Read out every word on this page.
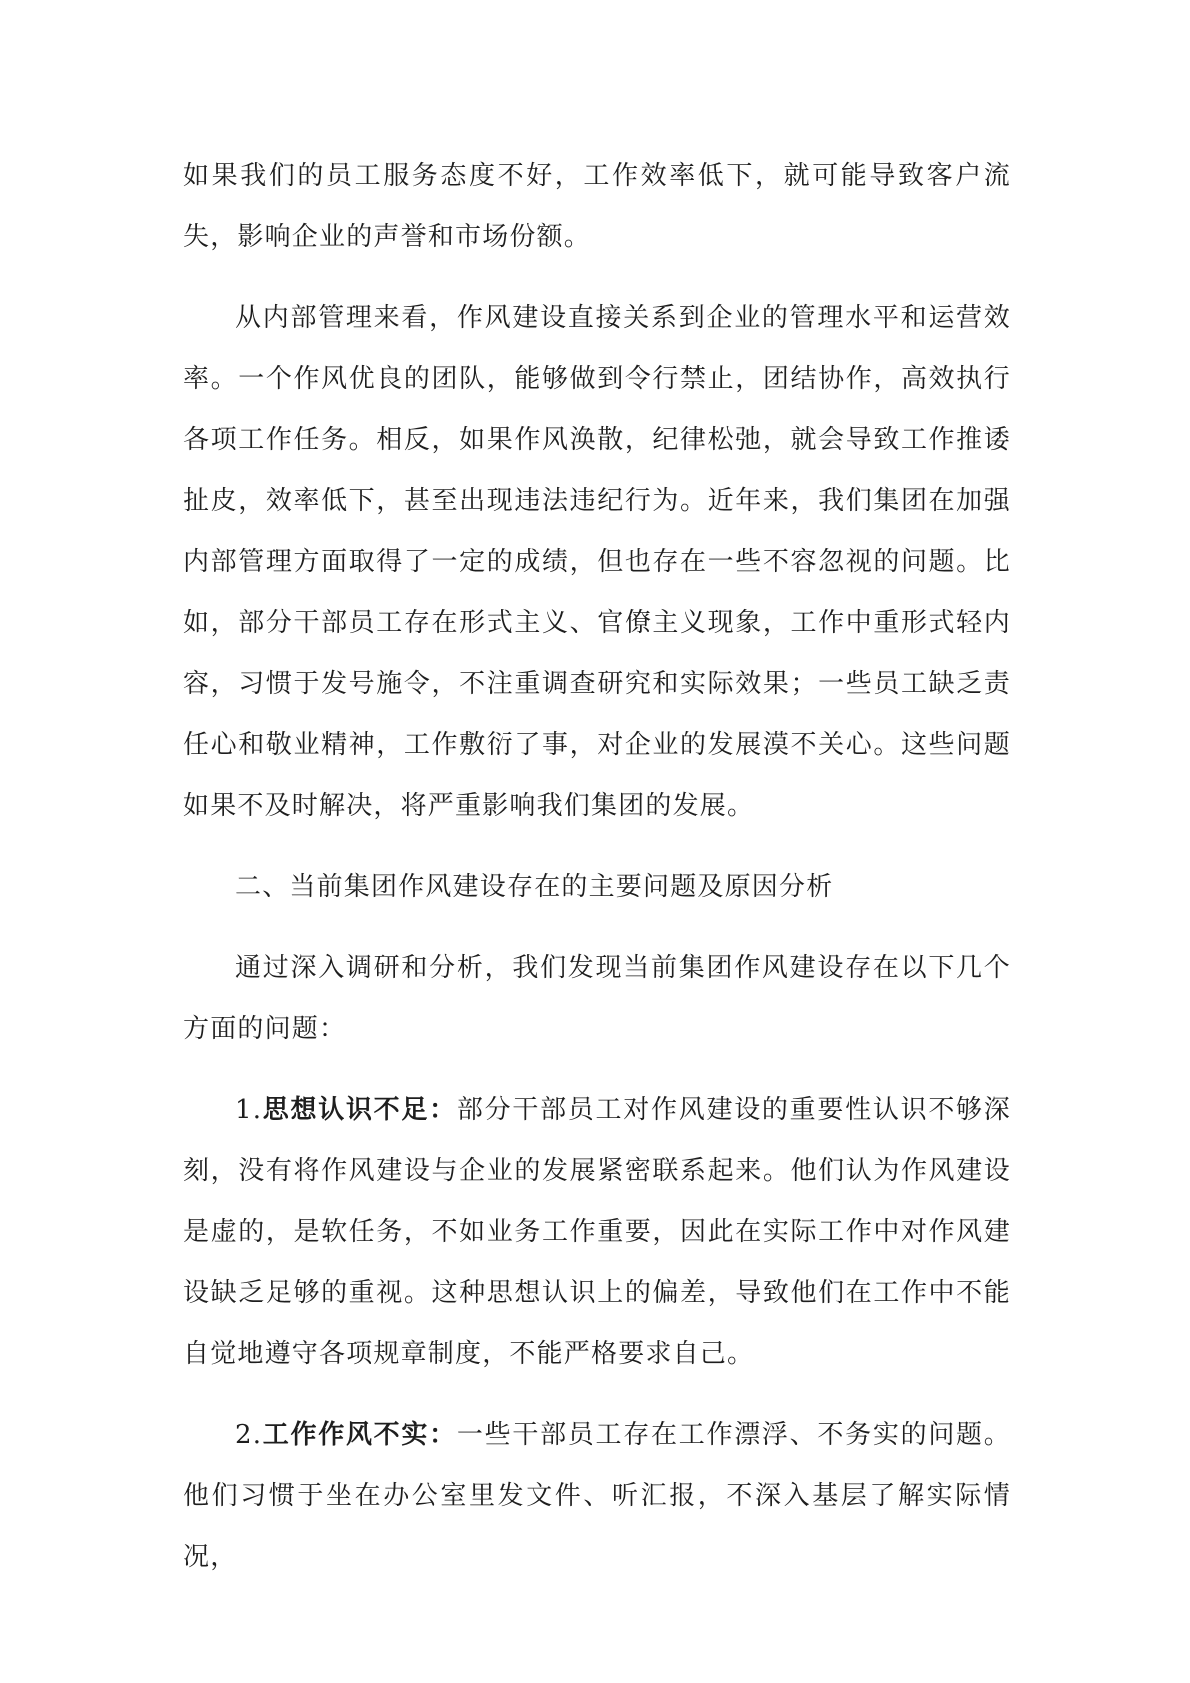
如果我们的员工服务态度不好，工作效率低下，就可能导致客户流失，影响企业的声誉和市场份额。

从内部管理来看，作风建设直接关系到企业的管理水平和运营效率。一个作风优良的团队，能够做到令行禁止，团结协作，高效执行各项工作任务。相反，如果作风涣散，纪律松弛，就会导致工作推诿扯皮，效率低下，甚至出现违法违纪行为。近年来，我们集团在加强内部管理方面取得了一定的成绩，但也存在一些不容忽视的问题。比如，部分干部员工存在形式主义、官僚主义现象，工作中重形式轻内容，习惯于发号施令，不注重调查研究和实际效果；一些员工缺乏责任心和敬业精神，工作敷衍了事，对企业的发展漠不关心。这些问题如果不及时解决，将严重影响我们集团的发展。

二、当前集团作风建设存在的主要问题及原因分析

通过深入调研和分析，我们发现当前集团作风建设存在以下几个方面的问题：

1.思想认识不足：部分干部员工对作风建设的重要性认识不够深刻，没有将作风建设与企业的发展紧密联系起来。他们认为作风建设是虚的，是软任务，不如业务工作重要，因此在实际工作中对作风建设缺乏足够的重视。这种思想认识上的偏差，导致他们在工作中不能自觉地遵守各项规章制度，不能严格要求自己。

2.工作作风不实：一些干部员工存在工作漂浮、不务实的问题。他们习惯于坐在办公室里发文件、听汇报，不深入基层了解实际情况，
